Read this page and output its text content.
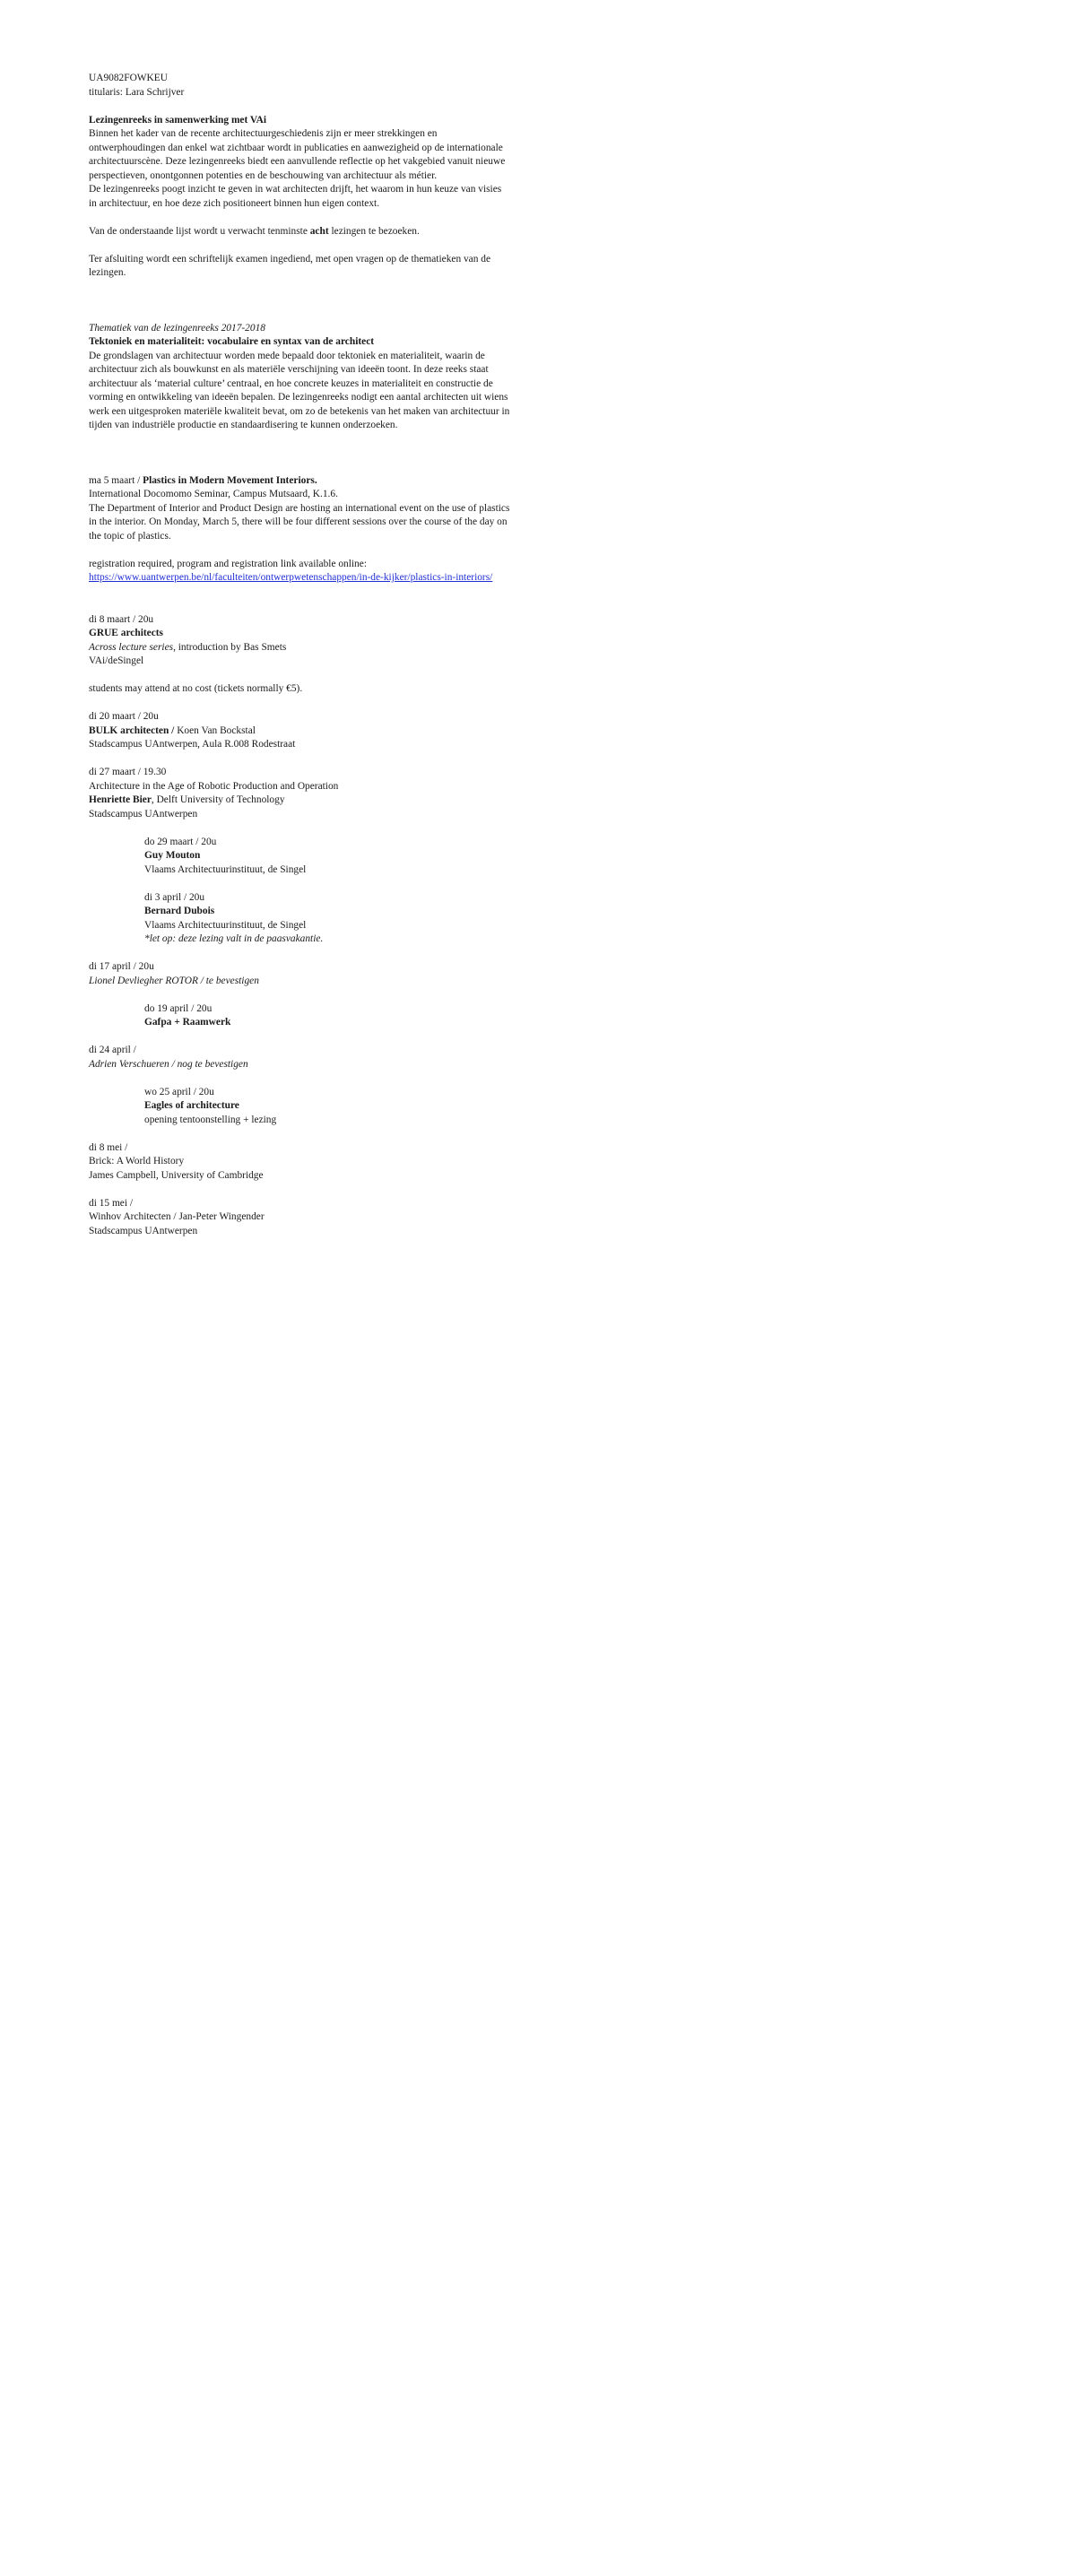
UA9082FOWKEU

titularis: Lara Schrijver

Lezingenreeks in samenwerking met VAi

Binnen het kader van de recente architectuurgeschiedenis zijn er meer strekkingen en ontwerphoudingen dan enkel wat zichtbaar wordt in publicaties en aanwezigheid op de internationale architectuurscène. Deze lezingenreeks biedt een aanvullende reflectie op het vakgebied vanuit nieuwe perspectieven, onontgonnen potenties en de beschouwing van architectuur als métier.

De lezingenreeks poogt inzicht te geven in wat architecten drijft, het waarom in hun keuze van visies in architectuur, en hoe deze zich positioneert binnen hun eigen context.

Van de onderstaande lijst wordt u verwacht tenminste acht lezingen te bezoeken.

Ter afsluiting wordt een schriftelijk examen ingediend, met open vragen op de thematieken van de lezingen.

Thematiek van de lezingenreeks 2017-2018

Tektoniek en materialiteit: vocabulaire en syntax van de architect

De grondslagen van architectuur worden mede bepaald door tektoniek en materialiteit, waarin de architectuur zich als bouwkunst en als materiële verschijning van ideeën toont. In deze reeks staat architectuur als ‘material culture’ centraal, en hoe concrete keuzes in materialiteit en constructie de vorming en ontwikkeling van ideeën bepalen. De lezingenreeks nodigt een aantal architecten uit wiens werk een uitgesproken materiële kwaliteit bevat, om zo de betekenis van het maken van architectuur in tijden van industriële productie en standaardisering te kunnen onderzoeken.

ma 5 maart / Plastics in Modern Movement Interiors.

International Docomomo Seminar, Campus Mutsaard, K.1.6.

The Department of Interior and Product Design are hosting an international event on the use of plastics in the interior. On Monday, March 5, there will be four different sessions over the course of the day on the topic of plastics.

registration required, program and registration link available online:

https://www.uantwerpen.be/nl/faculteiten/ontwerpwetenschappen/in-de-kijker/plastics-in-interiors/

di 8 maart / 20u

GRUE architects

Across lecture series, introduction by Bas Smets

VAi/deSingel

students may attend at no cost (tickets normally €5).

di 20 maart / 20u

BULK architecten / Koen Van Bockstal

Stadscampus UAntwerpen, Aula R.008 Rodestraat

di 27 maart / 19.30

Architecture in the Age of Robotic Production and Operation

Henriette Bier, Delft University of Technology

Stadscampus UAntwerpen

do 29 maart / 20u

Guy Mouton

Vlaams Architectuurinstituut, de Singel

di 3 april / 20u

Bernard Dubois

Vlaams Architectuurinstituut, de Singel

*let op: deze lezing valt in de paasvakantie.

di 17 april / 20u

Lionel Devliegher ROTOR / te bevestigen

do 19 april / 20u

Gafpa + Raamwerk

di 24 april /

Adrien Verschueren / nog te bevestigen

wo 25 april / 20u

Eagles of architecture

opening tentoonstelling + lezing

di 8 mei /

Brick: A World History

James Campbell, University of Cambridge

di 15 mei /

Winhov Architecten / Jan-Peter Wingender

Stadscampus UAntwerpen
